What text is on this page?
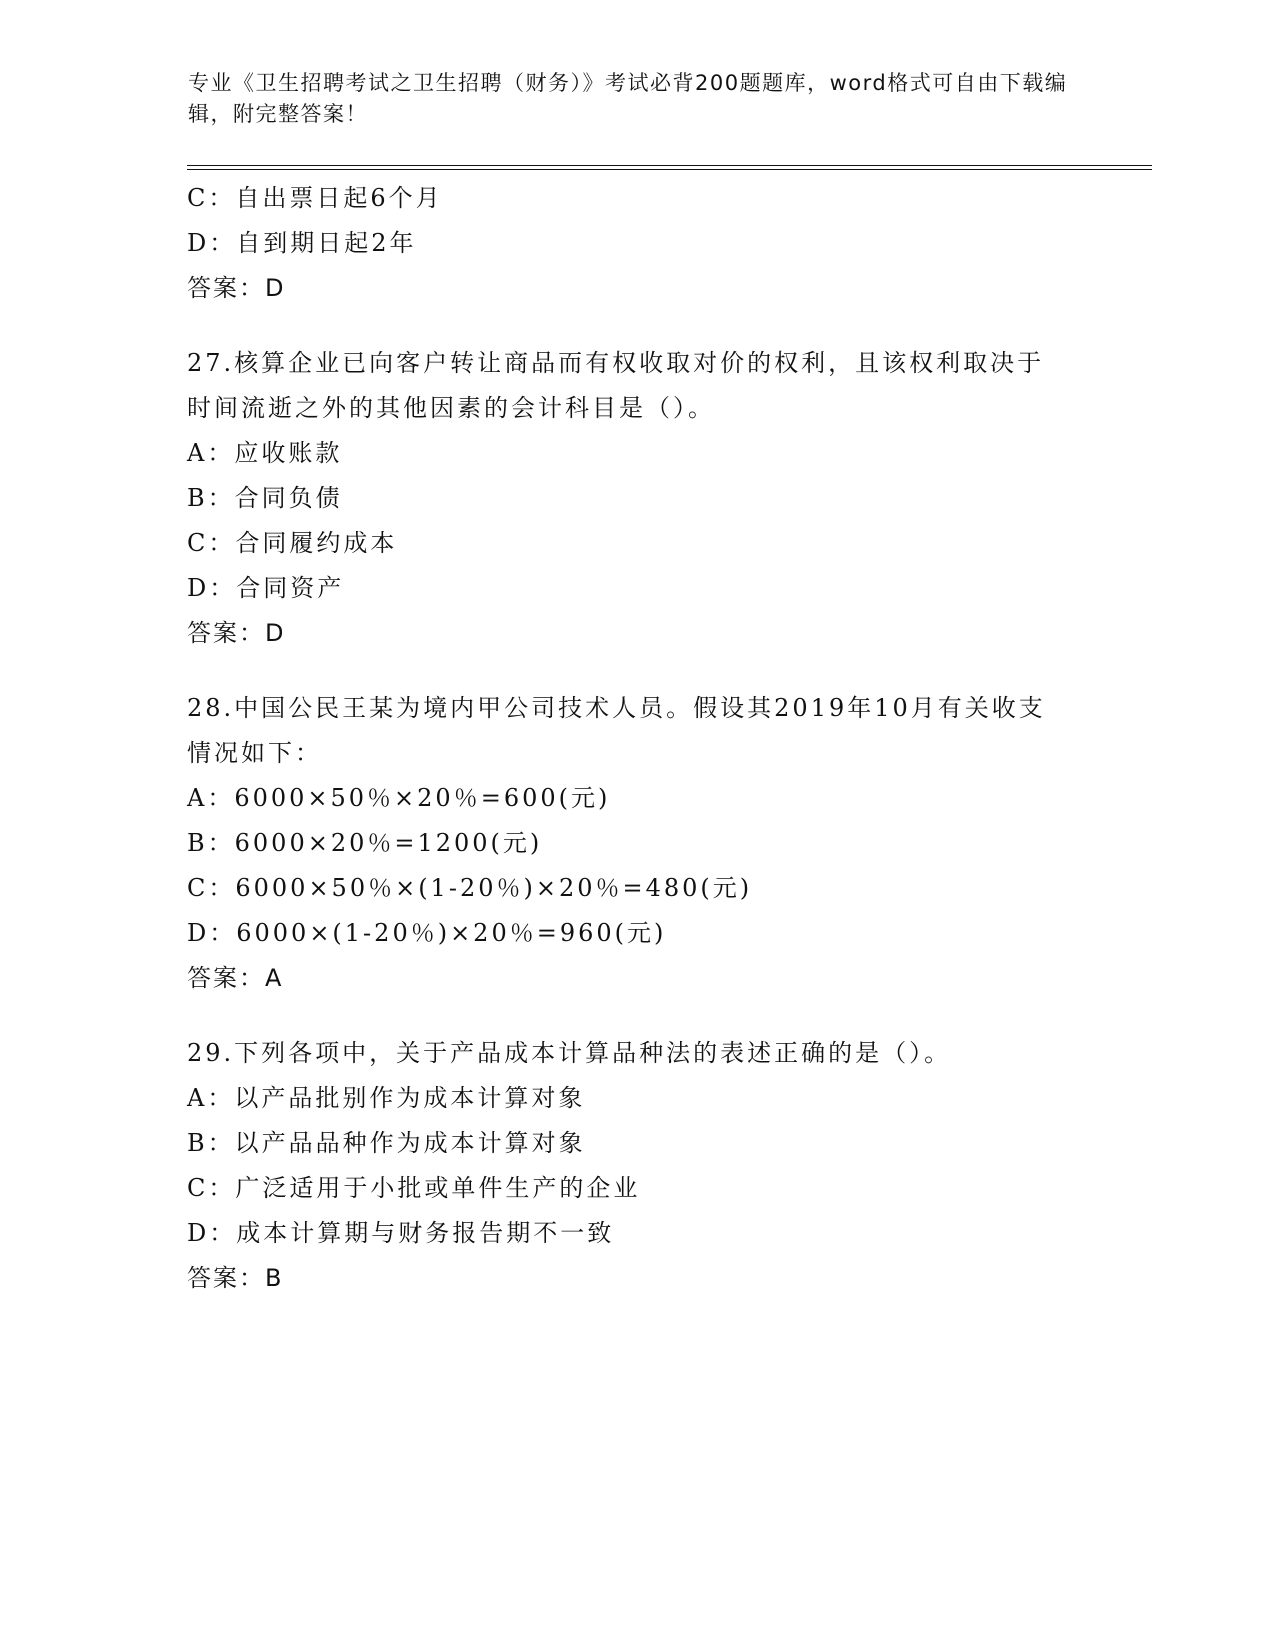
专业《卫生招聘考试之卫生招聘（财务）》考试必背200题题库，word格式可自由下载编辑，附完整答案！
C：自出票日起6个月
D：自到期日起2年
答案：D
27.核算企业已向客户转让商品而有权收取对价的权利，且该权利取决于时间流逝之外的其他因素的会计科目是（）。
A：应收账款
B：合同负债
C：合同履约成本
D：合同资产
答案：D
28.中国公民王某为境内甲公司技术人员。假设其2019年10月有关收支情况如下：
A：6000×50％×20％=600(元)
B：6000×20％=1200(元)
C：6000×50％×(1-20％)×20％=480(元)
D：6000×(1-20％)×20％=960(元)
答案：A
29.下列各项中，关于产品成本计算品种法的表述正确的是（）。
A：以产品批别作为成本计算对象
B：以产品品种作为成本计算对象
C：广泛适用于小批或单件生产的企业
D：成本计算期与财务报告期不一致
答案：B
